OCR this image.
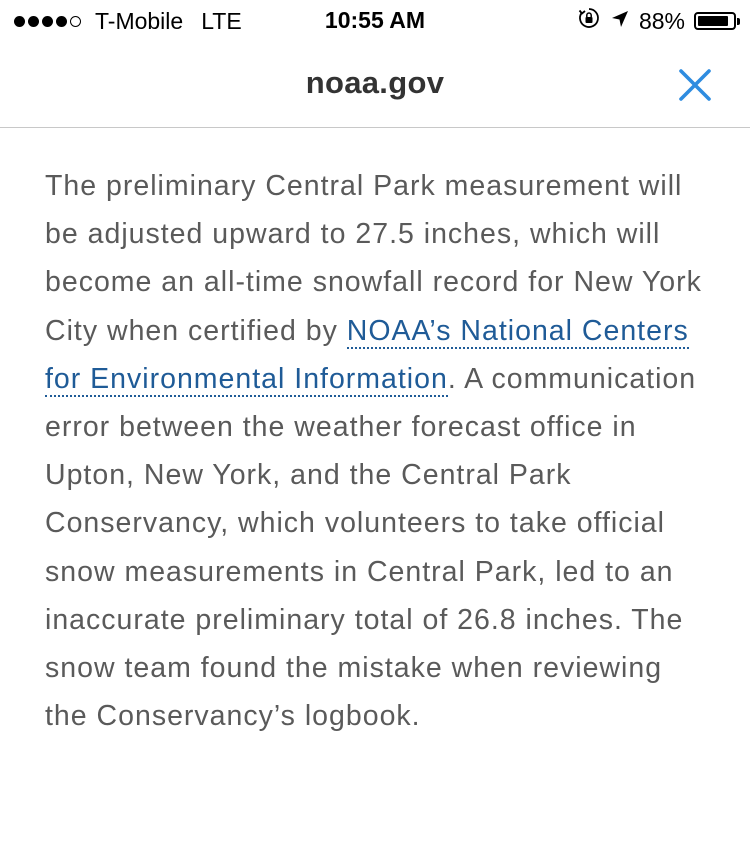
T-Mobile LTE	10:55 AM	88%
noaa.gov

The preliminary Central Park measurement will be adjusted upward to 27.5 inches, which will become an all-time snowfall record for New York City when certified by NOAA’s National Centers for Environmental Information. A communication error between the weather forecast office in Upton, New York, and the Central Park Conservancy, which volunteers to take official snow measurements in Central Park, led to an inaccurate preliminary total of 26.8 inches. The snow team found the mistake when reviewing the Conservancy’s logbook.
